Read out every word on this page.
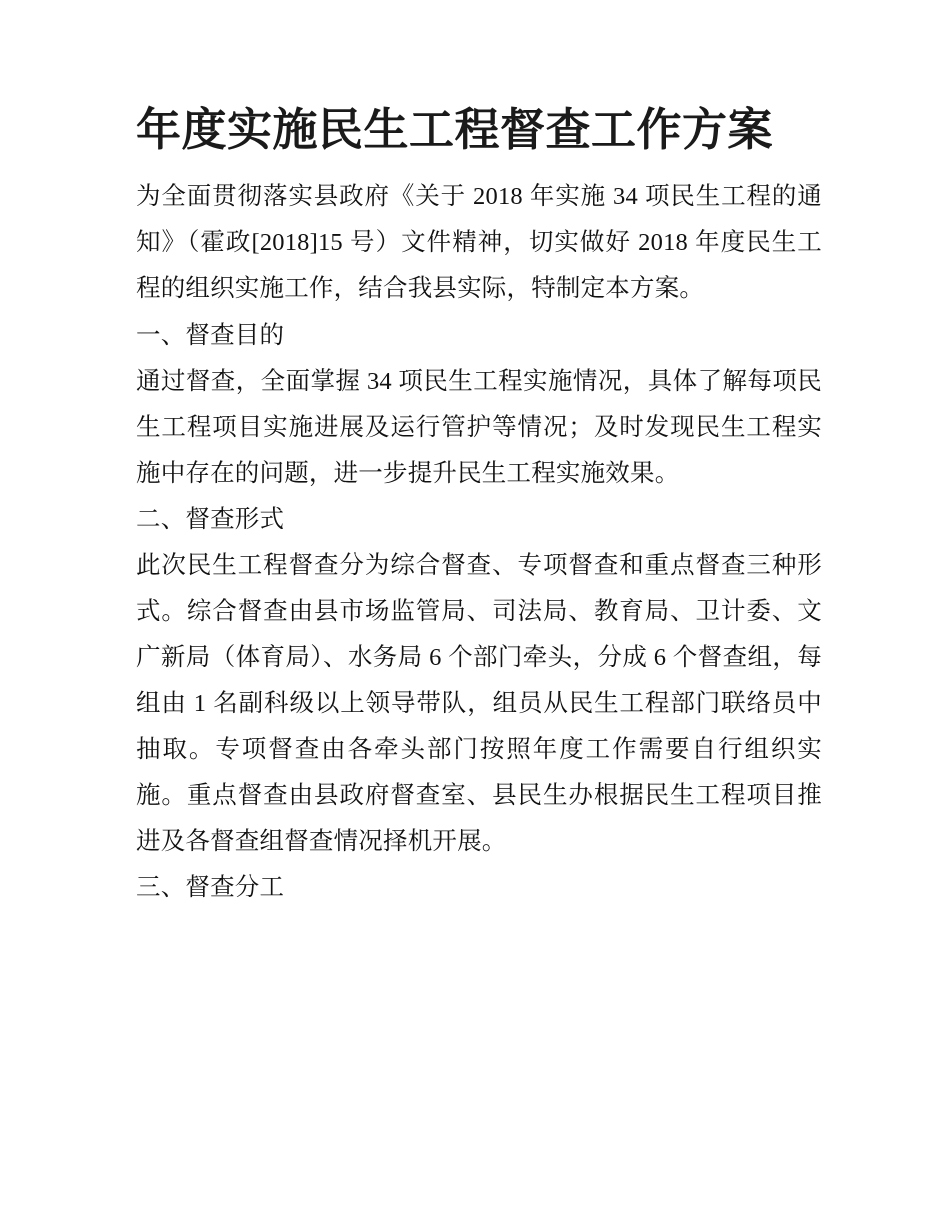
年度实施民生工程督查工作方案

为全面贯彻落实县政府《关于 2018 年实施 34 项民生工程的通知》（霍政[2018]15 号）文件精神，切实做好 2018 年度民生工程的组织实施工作，结合我县实际，特制定本方案。

一、督查目的

通过督查，全面掌握 34 项民生工程实施情况，具体了解每项民生工程项目实施进展及运行管护等情况；及时发现民生工程实施中存在的问题，进一步提升民生工程实施效果。

二、督查形式

此次民生工程督查分为综合督查、专项督查和重点督查三种形式。综合督查由县市场监管局、司法局、教育局、卫计委、文广新局（体育局）、水务局 6 个部门牵头，分成 6 个督查组，每组由 1 名副科级以上领导带队，组员从民生工程部门联络员中抽取。专项督查由各牵头部门按照年度工作需要自行组织实施。重点督查由县政府督查室、县民生办根据民生工程项目推进及各督查组督查情况择机开展。

三、督查分工
